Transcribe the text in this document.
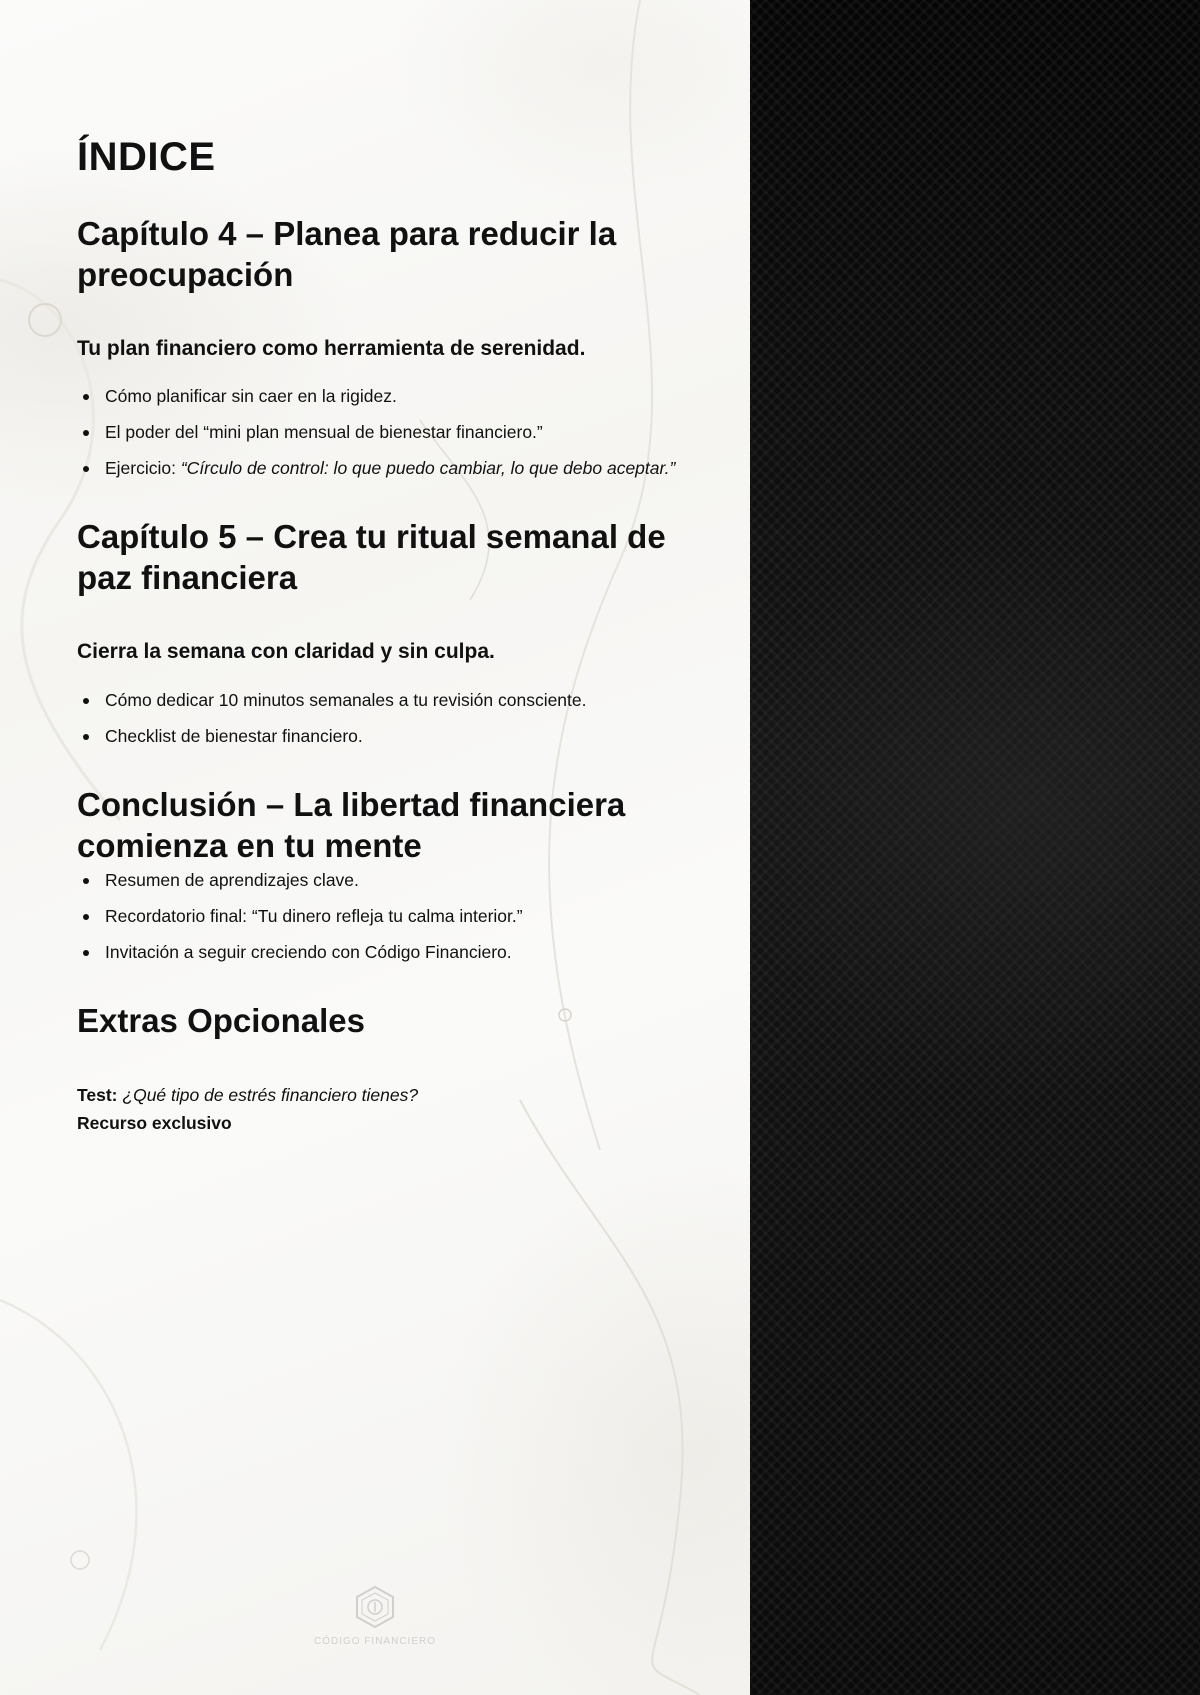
ÍNDICE
Capítulo 4 – Planea para reducir la preocupación

Tu plan financiero como herramienta de serenidad.

Cómo planificar sin caer en la rigidez.
El poder del “mini plan mensual de bienestar financiero.”
Ejercicio: “Círculo de control: lo que puedo cambiar, lo que debo aceptar.”
Capítulo 5 – Crea tu ritual semanal de paz financiera

Cierra la semana con claridad y sin culpa.

Cómo dedicar 10 minutos semanales a tu revisión consciente.
Checklist de bienestar financiero.
Conclusión – La libertad financiera comienza en tu mente
Resumen de aprendizajes clave.
Recordatorio final: “Tu dinero refleja tu calma interior.”
Invitación a seguir creciendo con Código Financiero.
Extras Opcionales

Test: ¿Qué tipo de estrés financiero tienes?

Recurso exclusivo

CÓDIGO FINANCIERO
